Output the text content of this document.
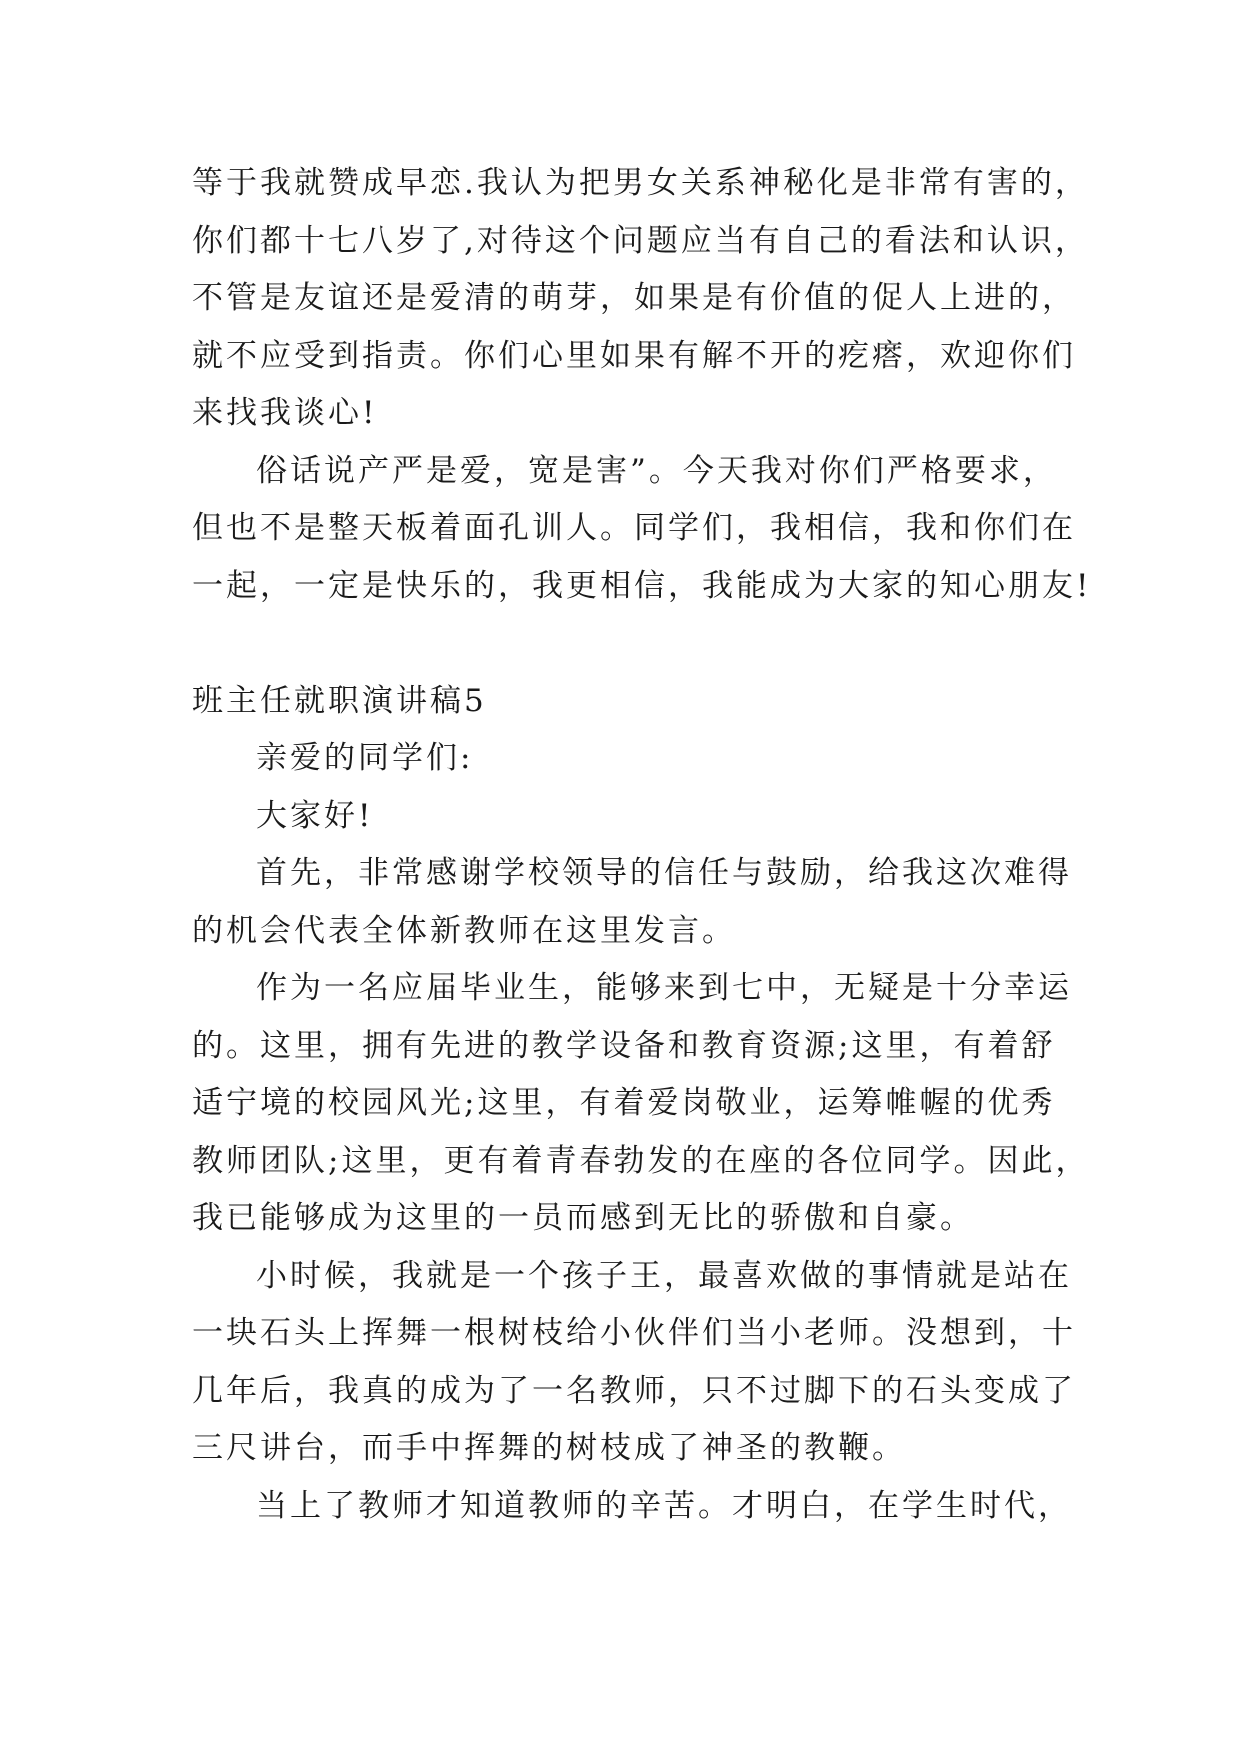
等于我就赞成早恋.我认为把男女关系神秘化是非常有害的，
你们都十七八岁了,对待这个问题应当有自己的看法和认识，
不管是友谊还是爱清的萌芽，如果是有价值的促人上进的，
就不应受到指责。你们心里如果有解不开的疙瘩，欢迎你们
来找我谈心!
俗话说产严是爱，宽是害”。今天我对你们严格要求，
但也不是整天板着面孔训人。同学们，我相信，我和你们在
一起，一定是快乐的，我更相信，我能成为大家的知心朋友!
班主任就职演讲稿5
亲爱的同学们:
大家好!
首先，非常感谢学校领导的信任与鼓励，给我这次难得
的机会代表全体新教师在这里发言。
作为一名应届毕业生，能够来到七中，无疑是十分幸运
的。这里，拥有先进的教学设备和教育资源;这里，有着舒
适宁境的校园风光;这里，有着爱岗敬业，运筹帷幄的优秀
教师团队;这里，更有着青春勃发的在座的各位同学。因此，
我已能够成为这里的一员而感到无比的骄傲和自豪。
小时候，我就是一个孩子王，最喜欢做的事情就是站在
一块石头上挥舞一根树枝给小伙伴们当小老师。没想到，十
几年后，我真的成为了一名教师，只不过脚下的石头变成了
三尺讲台，而手中挥舞的树枝成了神圣的教鞭。
当上了教师才知道教师的辛苦。才明白，在学生时代，
